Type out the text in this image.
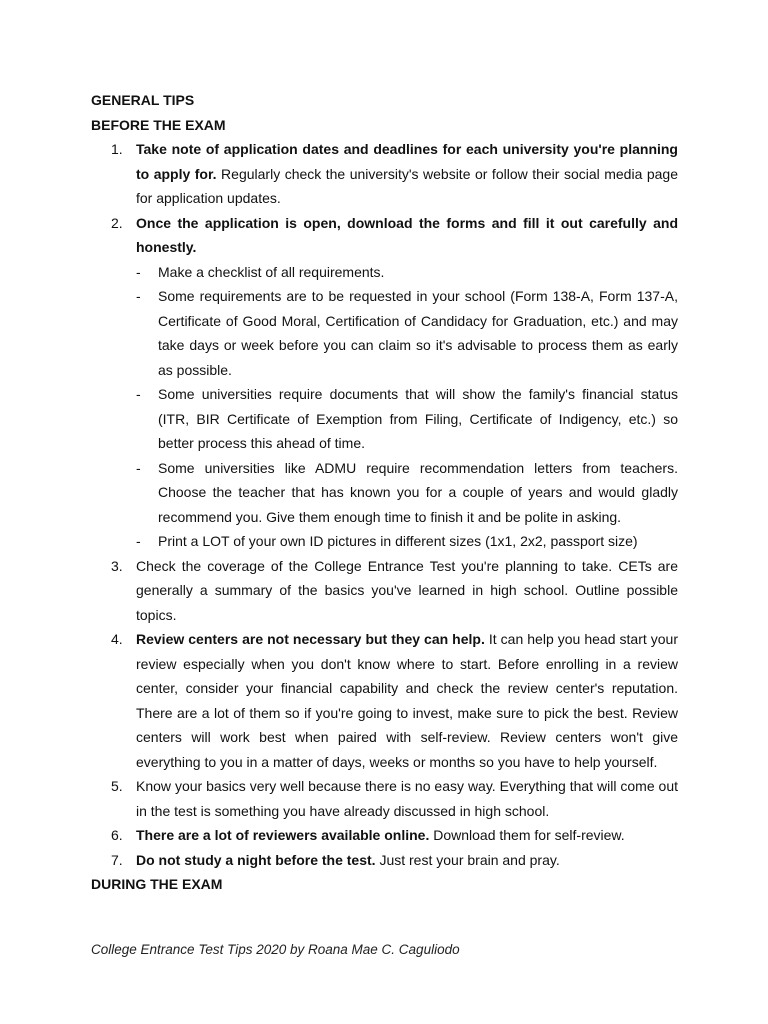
GENERAL TIPS
BEFORE THE EXAM
1. Take note of application dates and deadlines for each university you're planning to apply for. Regularly check the university's website or follow their social media page for application updates.
2. Once the application is open, download the forms and fill it out carefully and honestly.
- Make a checklist of all requirements.
- Some requirements are to be requested in your school (Form 138-A, Form 137-A, Certificate of Good Moral, Certification of Candidacy for Graduation, etc.) and may take days or week before you can claim so it's advisable to process them as early as possible.
- Some universities require documents that will show the family's financial status (ITR, BIR Certificate of Exemption from Filing, Certificate of Indigency, etc.) so better process this ahead of time.
- Some universities like ADMU require recommendation letters from teachers. Choose the teacher that has known you for a couple of years and would gladly recommend you. Give them enough time to finish it and be polite in asking.
- Print a LOT of your own ID pictures in different sizes (1x1, 2x2, passport size)
3. Check the coverage of the College Entrance Test you're planning to take. CETs are generally a summary of the basics you've learned in high school. Outline possible topics.
4. Review centers are not necessary but they can help. It can help you head start your review especially when you don't know where to start. Before enrolling in a review center, consider your financial capability and check the review center's reputation. There are a lot of them so if you're going to invest, make sure to pick the best. Review centers will work best when paired with self-review. Review centers won't give everything to you in a matter of days, weeks or months so you have to help yourself.
5. Know your basics very well because there is no easy way. Everything that will come out in the test is something you have already discussed in high school.
6. There are a lot of reviewers available online. Download them for self-review.
7. Do not study a night before the test. Just rest your brain and pray.
DURING THE EXAM
College Entrance Test Tips 2020 by Roana Mae C. Caguliodo
